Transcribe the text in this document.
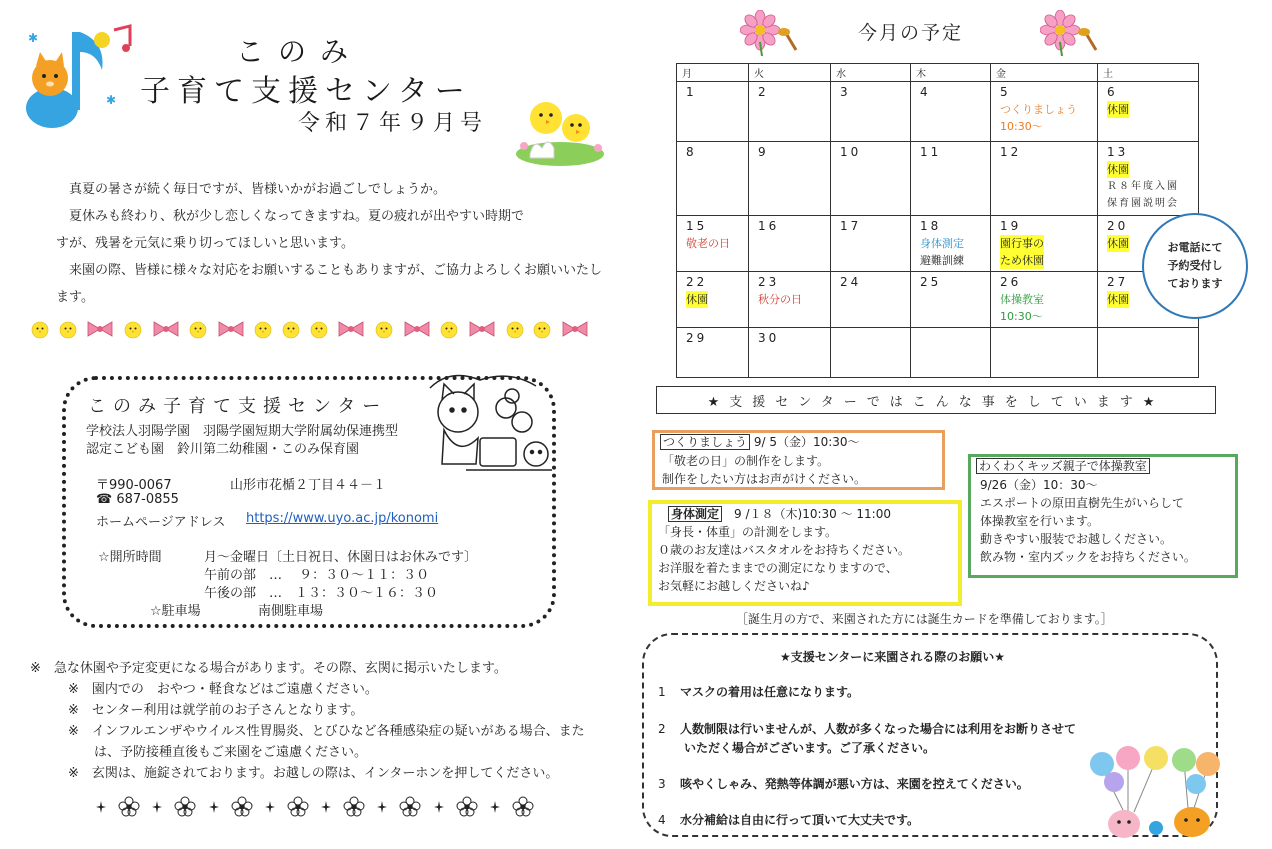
✱
✱
このみ
子育て支援センター
令和７年９月号

　真夏の暑さが続く毎日ですが、皆様いかがお過ごしでしょうか。

　夏休みも終わり、秋が少し恋しくなってきますね。夏の疲れが出やすい時期で

すが、残暑を元気に乗り切ってほしいと思います。

　来園の際、皆様に様々な対応をお願いすることもありますが、ご協力よろしくお願いいたし

ます。

このみ子育て支援センター
学校法人羽陽学園　羽陽学園短期大学附属幼保連携型
認定こども園　鈴川第二幼稚園・このみ保育園
〒990-0067	山形市花楯２丁目４４－１
☎ 687-0855
ホームページアドレス https://www.uyo.ac.jp/konomi
☆開所時間	月～金曜日〔土日祝日、休園日はお休みです〕
午前の部　…　 ９：３０～１１：３０
午後の部　…　１３：３０～１６：３０
☆駐車場	南側駐車場
※　急な休園や予定変更になる場合があります。その際、玄関に掲示いたします。
※　園内での　おやつ・軽食などはご遠慮ください。
※　センター利用は就学前のお子さんとなります。
※　インフルエンザやウイルス性胃腸炎、とびひなど各種感染症の疑いがある場合、また
　　は、予防接種直後もご来園をご遠慮ください。
※　玄関は、施錠されております。お越しの際は、インターホンを押してください。
今月の予定
月	火	水	木	金	土

1	2	3	4	5
つくりましょう
10:30～	6
休園

8	9	10	11	12	13
休園
Ｒ８年度入園
保育園説明会

15
敬老の日	16	17	18
身体測定
避難訓練	19
園行事の
ため休園	20
休園

22
休園	23
秋分の日	24	25	26
体操教室
10:30～	27
休園

29	30				

お電話にて
予約受付し
ております
★支援センターではこんな事をしています★
つくりましょう 9/ 5（金）10:30～
「敬老の日」の制作をします。
制作をしたい方はお声がけください。
身体測定　9 /１８（木)10:30 ～ 11:00
「身長・体重」の計測をします。
０歳のお友達はバスタオルをお持ちください。
お洋服を着たままでの測定になりますので、
お気軽にお越しくださいね♪
わくわくキッズ親子で体操教室
9/26（金）10：30～
エスポートの原田直樹先生がいらして
体操教室を行います。
動きやすい服装でお越しください。
飲み物・室内ズックをお持ちください。
［誕生月の方で、来園された方には誕生カードを準備しております。］
★支援センターに来園される際のお願い★
1 マスクの着用は任意になります。
2 人数制限は行いませんが、人数が多くなった場合には利用をお断りさせて
いただく場合がございます。ご了承ください。
3 咳やくしゃみ、発熱等体調が悪い方は、来園を控えてください。
4 水分補給は自由に行って頂いて大丈夫です。
